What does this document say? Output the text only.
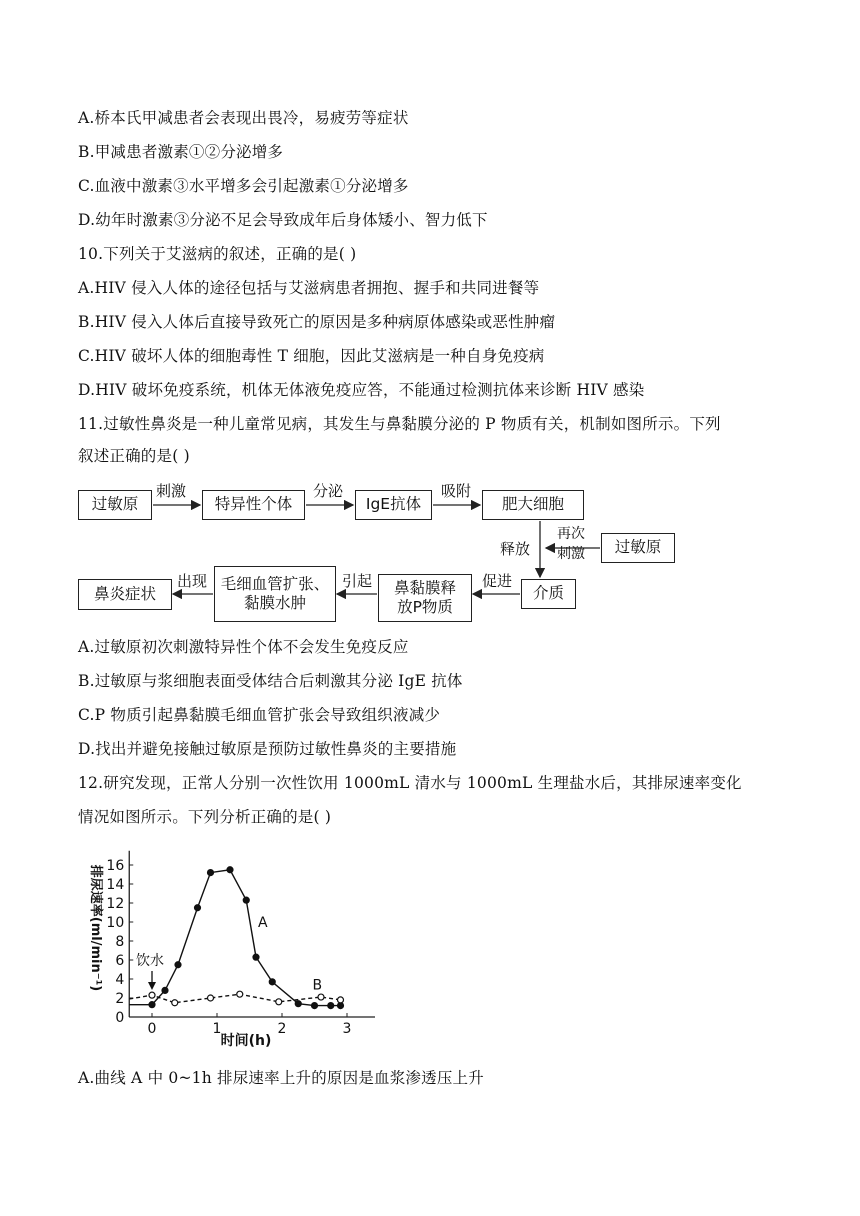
A.桥本氏甲减患者会表现出畏冷，易疲劳等症状
B.甲减患者激素①②分泌增多
C.血液中激素③水平增多会引起激素①分泌增多
D.幼年时激素③分泌不足会导致成年后身体矮小、智力低下
10.下列关于艾滋病的叙述，正确的是( )
A.HIV 侵入人体的途径包括与艾滋病患者拥抱、握手和共同进餐等
B.HIV 侵入人体后直接导致死亡的原因是多种病原体感染或恶性肿瘤
C.HIV 破坏人体的细胞毒性 T 细胞，因此艾滋病是一种自身免疫病
D.HIV 破坏免疫系统，机体无体液免疫应答，不能通过检测抗体来诊断 HIV 感染
11.过敏性鼻炎是一种儿童常见病，其发生与鼻黏膜分泌的 P 物质有关，机制如图所示。下列
叙述正确的是( )
过敏原	特异性个体	IgE抗体	肥大细胞
过敏原
介质
鼻黏膜释
放P物质
毛细血管扩张、
黏膜水肿
鼻炎症状
刺激	分泌	吸附
再次
刺激
释放
促进
引起
出现
A.过敏原初次刺激特异性个体不会发生免疫反应
B.过敏原与浆细胞表面受体结合后刺激其分泌 IgE 抗体
C.P 物质引起鼻黏膜毛细血管扩张会导致组织液减少
D.找出并避免接触过敏原是预防过敏性鼻炎的主要措施
12.研究发现，正常人分别一次性饮用 1000mL 清水与 1000mL 生理盐水后，其排尿速率变化
情况如图所示。下列分析正确的是( )
0
2
4
6
8
10
12
14
16
0	1	2	3
时间(h)
排尿速率(ml/min⁻¹) 饮水
A
B
A.曲线 A 中 0~1h 排尿速率上升的原因是血浆渗透压上升
